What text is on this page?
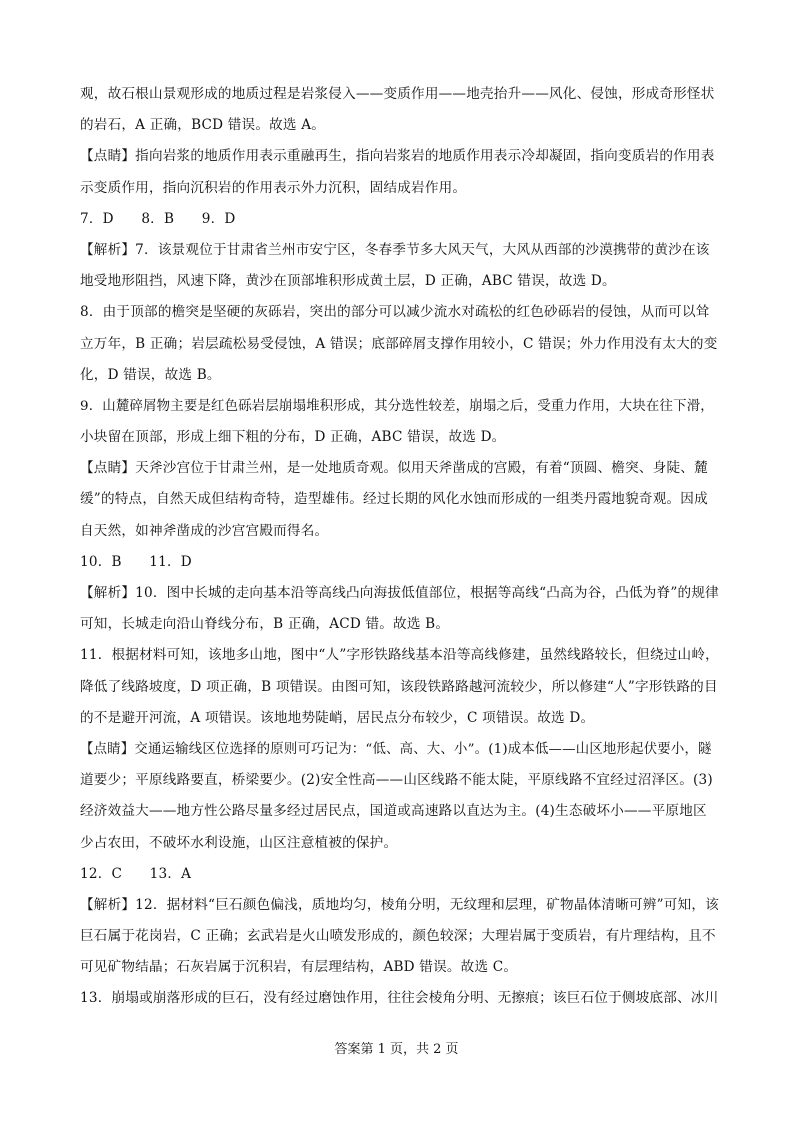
观，故石根山景观形成的地质过程是岩浆侵入——变质作用——地壳抬升——风化、侵蚀，形成奇形怪状
的岩石，A 正确，BCD 错误。故选 A。
【点睛】指向岩浆的地质作用表示重融再生，指向岩浆岩的地质作用表示冷却凝固，指向变质岩的作用表
示变质作用，指向沉积岩的作用表示外力沉积，固结成岩作用。
7．D　　8．B　　9．D
【解析】7．该景观位于甘肃省兰州市安宁区，冬春季节多大风天气，大风从西部的沙漠携带的黄沙在该
地受地形阻挡，风速下降，黄沙在顶部堆积形成黄土层，D 正确，ABC 错误，故选 D。
8．由于顶部的檐突是坚硬的灰砾岩，突出的部分可以减少流水对疏松的红色砂砾岩的侵蚀，从而可以耸
立万年，B 正确；岩层疏松易受侵蚀，A 错误；底部碎屑支撑作用较小，C 错误；外力作用没有太大的变
化，D 错误，故选 B。
9．山麓碎屑物主要是红色砾岩层崩塌堆积形成，其分选性较差，崩塌之后，受重力作用，大块在往下滑，
小块留在顶部，形成上细下粗的分布，D 正确，ABC 错误，故选 D。
【点睛】天斧沙宫位于甘肃兰州，是一处地质奇观。似用天斧凿成的宫殿，有着“顶圆、檐突、身陡、麓
缓”的特点，自然天成但结构奇特，造型雄伟。经过长期的风化水蚀而形成的一组类丹霞地貌奇观。因成
自天然，如神斧凿成的沙宫宫殿而得名。
10．B　　11．D
【解析】10．图中长城的走向基本沿等高线凸向海拔低值部位，根据等高线“凸高为谷，凸低为脊”的规律
可知，长城走向沿山脊线分布，B 正确，ACD 错。故选 B。
11．根据材料可知，该地多山地，图中“人”字形铁路线基本沿等高线修建，虽然线路较长，但绕过山岭，
降低了线路坡度，D 项正确，B 项错误。由图可知，该段铁路路越河流较少，所以修建“人”字形铁路的目
的不是避开河流，A 项错误。该地地势陡峭，居民点分布较少，C 项错误。故选 D。
【点睛】交通运输线区位选择的原则可巧记为：“低、高、大、小”。(1)成本低——山区地形起伏要小，隧
道要少；平原线路要直，桥梁要少。(2)安全性高——山区线路不能太陡，平原线路不宜经过沼泽区。(3)
经济效益大——地方性公路尽量多经过居民点，国道或高速路以直达为主。(4)生态破坏小——平原地区
少占农田，不破坏水利设施，山区注意植被的保护。
12．C　　13．A
【解析】12．据材料“巨石颜色偏浅，质地均匀，棱角分明，无纹理和层理，矿物晶体清晰可辨”可知，该
巨石属于花岗岩，C 正确；玄武岩是火山喷发形成的，颜色较深；大理岩属于变质岩，有片理结构，且不
可见矿物结晶；石灰岩属于沉积岩，有层理结构，ABD 错误。故选 C。
13．崩塌或崩落形成的巨石，没有经过磨蚀作用，往往会棱角分明、无擦痕；该巨石位于侧坡底部、冰川
答案第 1 页，共 2 页
